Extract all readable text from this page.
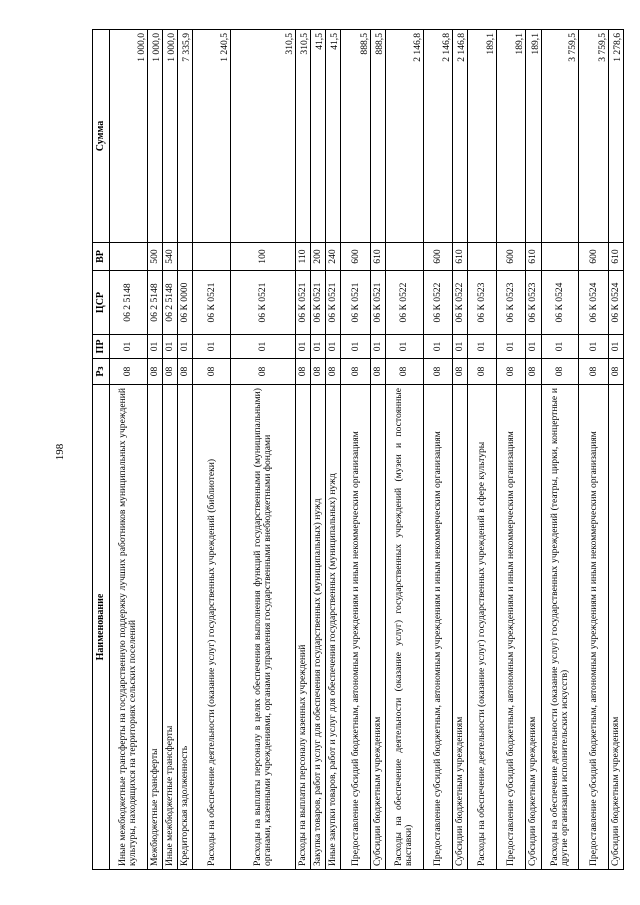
198
Наименование	Рз	ПР	ЦСР	ВР	Сумма
Иные межбюджетные трансферты на государственную поддержку лучших работников муниципальных учреждений культуры, находящихся на территориях сельских поселений	08	01	06 2 5148		1 000,0
Межбюджетные трансферты	08	01	06 2 5148	500	1 000,0
Иные межбюджетные трансферты	08	01	06 2 5148	540	1 000,0
Кредиторская задолженность	08	01	06 К 0000		7 335,9
Расходы на обеспечение деятельности (оказание услуг) государственных учреждений (библиотеки)	08	01	06 К 0521		1 240,5
Расходы на выплаты персоналу в целях обеспечения выполнения функций государственными (муниципальными) органами, казенными учреждениями, органами управления государственными внебюджетными фондами	08	01	06 К 0521	100	310,5
Расходы на выплаты персоналу казенных учреждений	08	01	06 К 0521	110	310,5
Закупка товаров, работ и услуг для обеспечения государственных (муниципальных) нужд	08	01	06 К 0521	200	41,5
Иные закупки товаров, работ и услуг для обеспечения государственных (муниципальных) нужд	08	01	06 К 0521	240	41,5
Предоставление субсидий бюджетным, автономным учреждениям и иным некоммерческим организациям	08	01	06 К 0521	600	888,5
Субсидии бюджетным учреждениям	08	01	06 К 0521	610	888,5
Расходы на обеспечение деятельности (оказание услуг) государственных учреждений (музеи и постоянные выставки)	08	01	06 К 0522		2 146,8
Предоставление субсидий бюджетным, автономным учреждениям и иным некоммерческим организациям	08	01	06 К 0522	600	2 146,8
Субсидии бюджетным учреждениям	08	01	06 К 0522	610	2 146,8
Расходы на обеспечение деятельности (оказание услуг) государственных учреждений в сфере культуры	08	01	06 К 0523		189,1
Предоставление субсидий бюджетным, автономным учреждениям и иным некоммерческим организациям	08	01	06 К 0523	600	189,1
Субсидии бюджетным учреждениям	08	01	06 К 0523	610	189,1
Расходы на обеспечение деятельности (оказание услуг) государственных учреждений (театры, цирки, концертные и другие организации исполнительских искусств)	08	01	06 К 0524		3 759,5
Предоставление субсидий бюджетным, автономным учреждениям и иным некоммерческим организациям	08	01	06 К 0524	600	3 759,5
Субсидии бюджетным учреждениям	08	01	06 К 0524	610	1 278,6
